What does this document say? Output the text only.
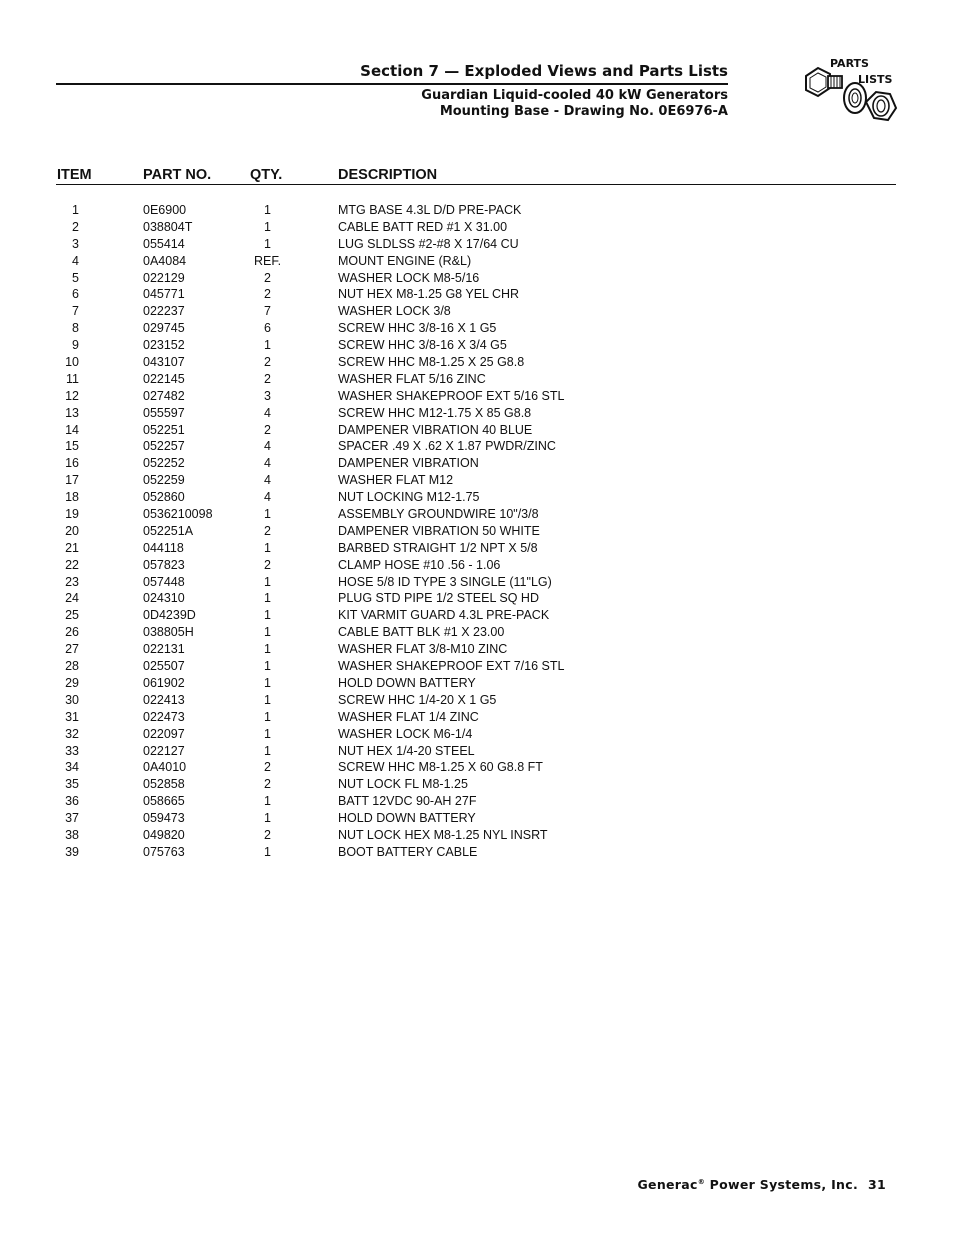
Section 7 — Exploded Views and Parts Lists
Guardian Liquid-cooled 40 kW Generators
Mounting Base - Drawing No. 0E6976-A
PARTS
LISTS
ITEM	PART NO.	QTY.	DESCRIPTION
1	0E6900	1	MTG BASE 4.3L D/D PRE-PACK
2	038804T	1	CABLE BATT RED #1 X 31.00
3	055414	1	LUG SLDLSS #2-#8 X 17/64 CU
4	0A4084	REF.	MOUNT ENGINE (R&L)
5	022129	2	WASHER LOCK M8-5/16
6	045771	2	NUT HEX M8-1.25 G8 YEL CHR
7	022237	7	WASHER LOCK 3/8
8	029745	6	SCREW HHC 3/8-16 X 1 G5
9	023152	1	SCREW HHC 3/8-16 X 3/4 G5
10	043107	2	SCREW HHC M8-1.25 X 25 G8.8
11	022145	2	WASHER FLAT 5/16 ZINC
12	027482	3	WASHER SHAKEPROOF EXT 5/16 STL
13	055597	4	SCREW HHC M12-1.75 X 85 G8.8
14	052251	2	DAMPENER VIBRATION 40 BLUE
15	052257	4	SPACER .49 X .62 X 1.87 PWDR/ZINC
16	052252	4	DAMPENER VIBRATION
17	052259	4	WASHER FLAT M12
18	052860	4	NUT LOCKING M12-1.75
19	0536210098	1	ASSEMBLY GROUNDWIRE 10"/3/8
20	052251A	2	DAMPENER VIBRATION 50 WHITE
21	044118	1	BARBED STRAIGHT 1/2 NPT X 5/8
22	057823	2	CLAMP HOSE #10 .56 - 1.06
23	057448	1	HOSE 5/8 ID TYPE 3 SINGLE (11"LG)
24	024310	1	PLUG STD PIPE 1/2 STEEL SQ HD
25	0D4239D	1	KIT VARMIT GUARD 4.3L PRE-PACK
26	038805H	1	CABLE BATT BLK #1 X 23.00
27	022131	1	WASHER FLAT 3/8-M10 ZINC
28	025507	1	WASHER SHAKEPROOF EXT 7/16 STL
29	061902	1	HOLD DOWN BATTERY
30	022413	1	SCREW HHC 1/4-20 X 1 G5
31	022473	1	WASHER FLAT 1/4 ZINC
32	022097	1	WASHER LOCK M6-1/4
33	022127	1	NUT HEX 1/4-20 STEEL
34	0A4010	2	SCREW HHC M8-1.25 X 60 G8.8 FT
35	052858	2	NUT LOCK FL M8-1.25
36	058665	1	BATT 12VDC 90-AH 27F
37	059473	1	HOLD DOWN BATTERY
38	049820	2	NUT LOCK HEX M8-1.25 NYL INSRT
39	075763	1	BOOT BATTERY CABLE
Generac® Power Systems, Inc. 31
